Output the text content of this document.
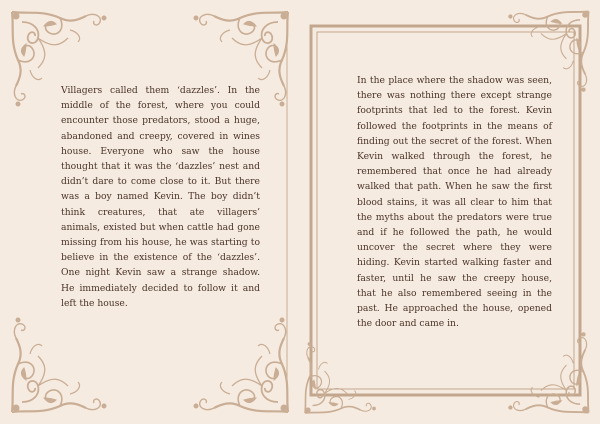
Villagers called them ‘dazzles’. In the middle of the forest, where you could encounter those predators, stood a huge, abandoned and creepy, covered in wines house. Everyone who saw the house thought that it was the ‘dazzles’ nest and didn’t dare to come close to it. But there was a boy named Kevin. The boy didn’t think creatures, that ate villagers’ animals, existed but when cattle had gone missing from his house, he was starting to believe in the existence of the ‘dazzles’. One night Kevin saw a strange shadow. He immediately decided to follow it and left the house.

In the place where the shadow was seen, there was nothing there except strange footprints that led to the forest. Kevin followed the footprints in the means of finding out the secret of the forest. When Kevin walked through the forest, he remembered that once he had already walked that path. When he saw the first blood stains, it was all clear to him that the myths about the predators were true and if he followed the path, he would uncover the secret where they were hiding. Kevin started walking faster and faster, until he saw the creepy house, that he also remembered seeing in the past. He approached the house, opened the door and came in.
